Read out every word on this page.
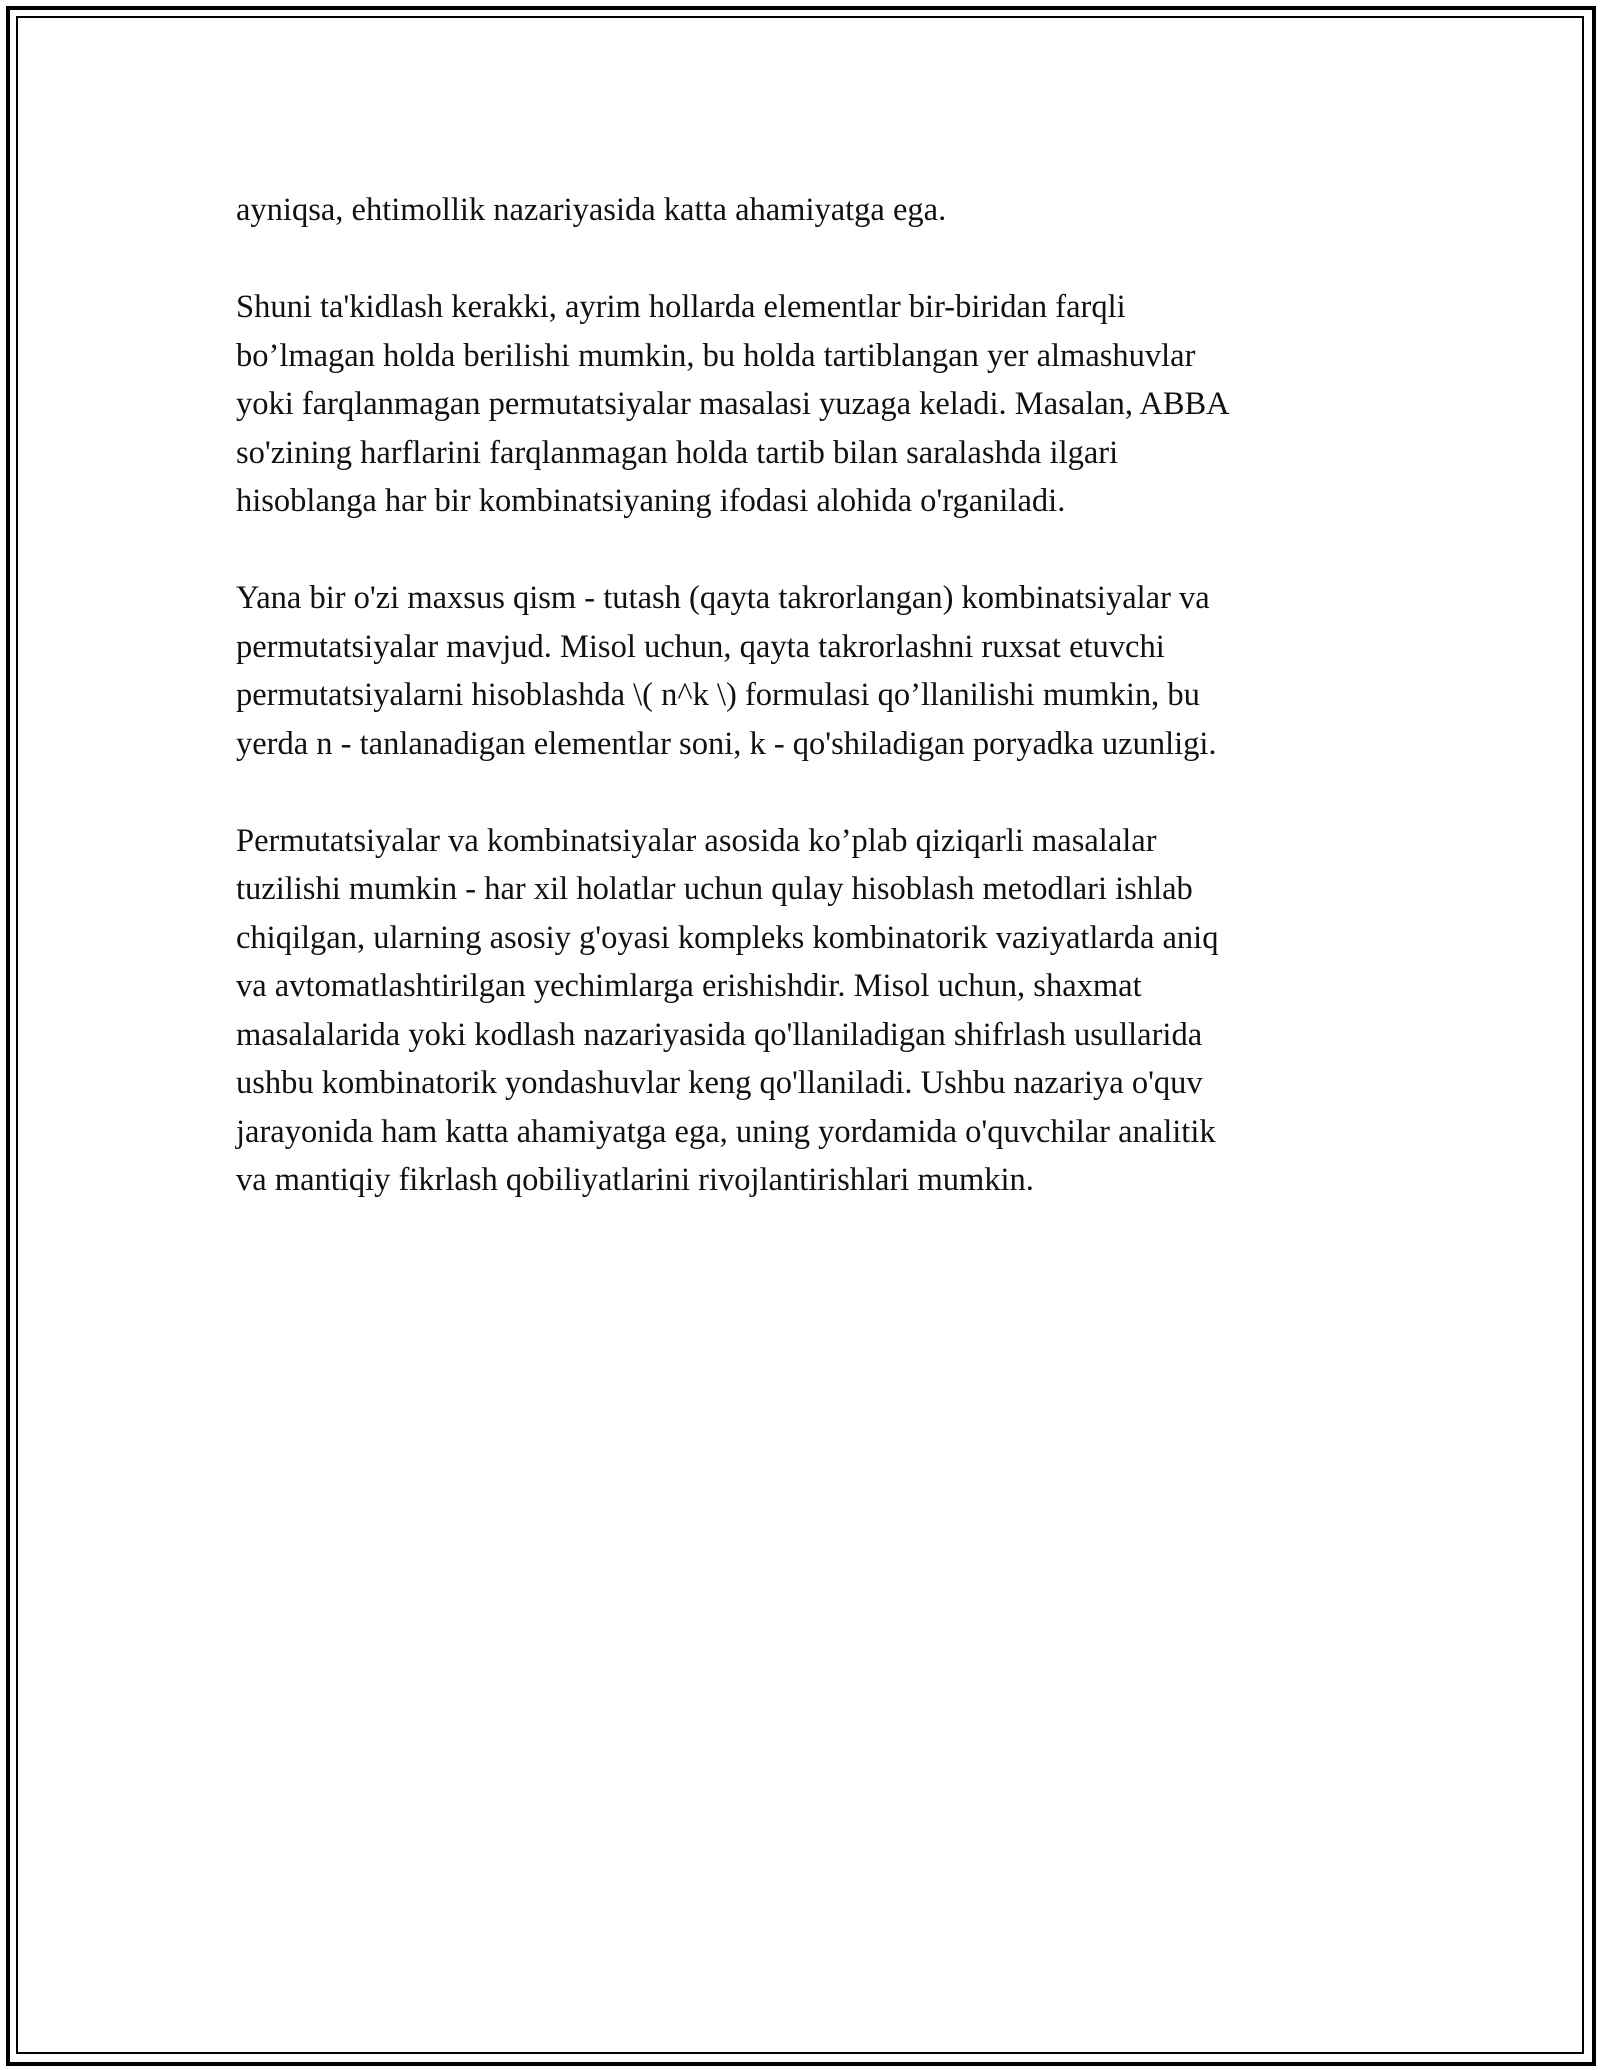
ayniqsa, ehtimollik nazariyasida katta ahamiyatga ega.

Shuni ta'kidlash kerakki, ayrim hollarda elementlar bir-biridan farqli
bo’lmagan holda berilishi mumkin, bu holda tartiblangan yer almashuvlar
yoki farqlanmagan permutatsiyalar masalasi yuzaga keladi. Masalan, ABBA
so'zining harflarini farqlanmagan holda tartib bilan saralashda ilgari
hisoblanga har bir kombinatsiyaning ifodasi alohida o'rganiladi.

Yana bir o'zi maxsus qism - tutash (qayta takrorlangan) kombinatsiyalar va
permutatsiyalar mavjud. Misol uchun, qayta takrorlashni ruxsat etuvchi
permutatsiyalarni hisoblashda \( n^k \) formulasi qo’llanilishi mumkin, bu
yerda n - tanlanadigan elementlar soni, k - qo'shiladigan poryadka uzunligi.

Permutatsiyalar va kombinatsiyalar asosida ko’plab qiziqarli masalalar
tuzilishi mumkin - har xil holatlar uchun qulay hisoblash metodlari ishlab
chiqilgan, ularning asosiy g'oyasi kompleks kombinatorik vaziyatlarda aniq
va avtomatlashtirilgan yechimlarga erishishdir. Misol uchun, shaxmat
masalalarida yoki kodlash nazariyasida qo'llaniladigan shifrlash usullarida
ushbu kombinatorik yondashuvlar keng qo'llaniladi. Ushbu nazariya o'quv
jarayonida ham katta ahamiyatga ega, uning yordamida o'quvchilar analitik
va mantiqiy fikrlash qobiliyatlarini rivojlantirishlari mumkin.
